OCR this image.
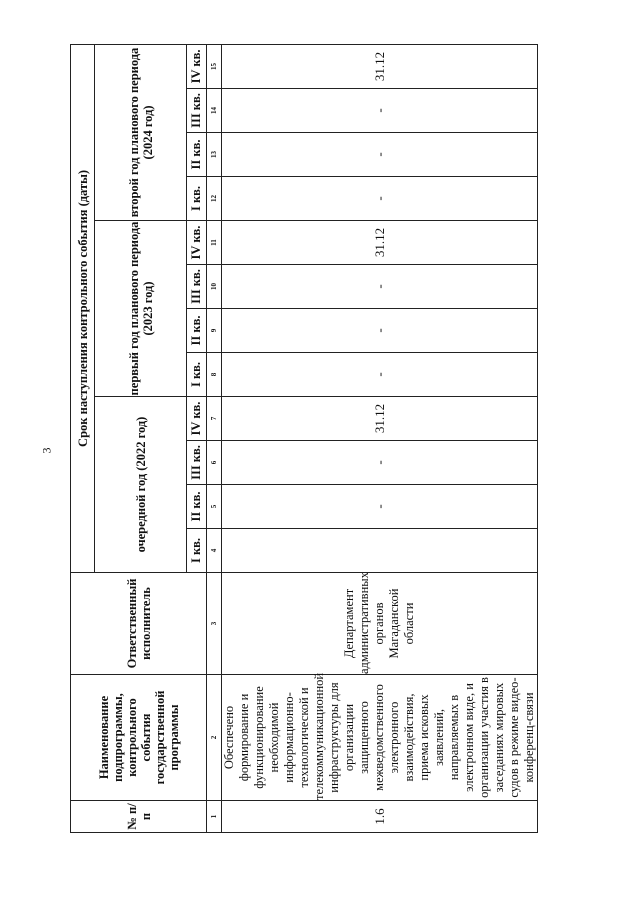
3
№ п/п	Наименование подпрограммы, контрольного события государственной программы	Ответственный исполнитель	Срок наступления контрольного события (даты)											
			очередной год (2022 год)				первый год планового периода (2023 год)				второй год планового периода (2024 год)			
			I кв.	II кв.	III кв.	IV кв.	I кв.	II кв.	III кв.	IV кв.	I кв.	II кв.	III кв.	IV кв.
1	2	3	4	5	6	7	8	9	10	11	12	13	14	15
1.6	Обеспечено формирование и функционирование необходимой информационно-технологической и телекоммуникационной инфраструктуры для организации защищенного межведомственного электронного взаимодействия, приема исковых заявлений, направляемых в электронном виде, и организации участия в заседаниях мировых судов в режиме видео-конференц-связи	Департамент административных органов Магаданской области		-	-	31.12	-	-	-	31.12	-	-	-	31.12
